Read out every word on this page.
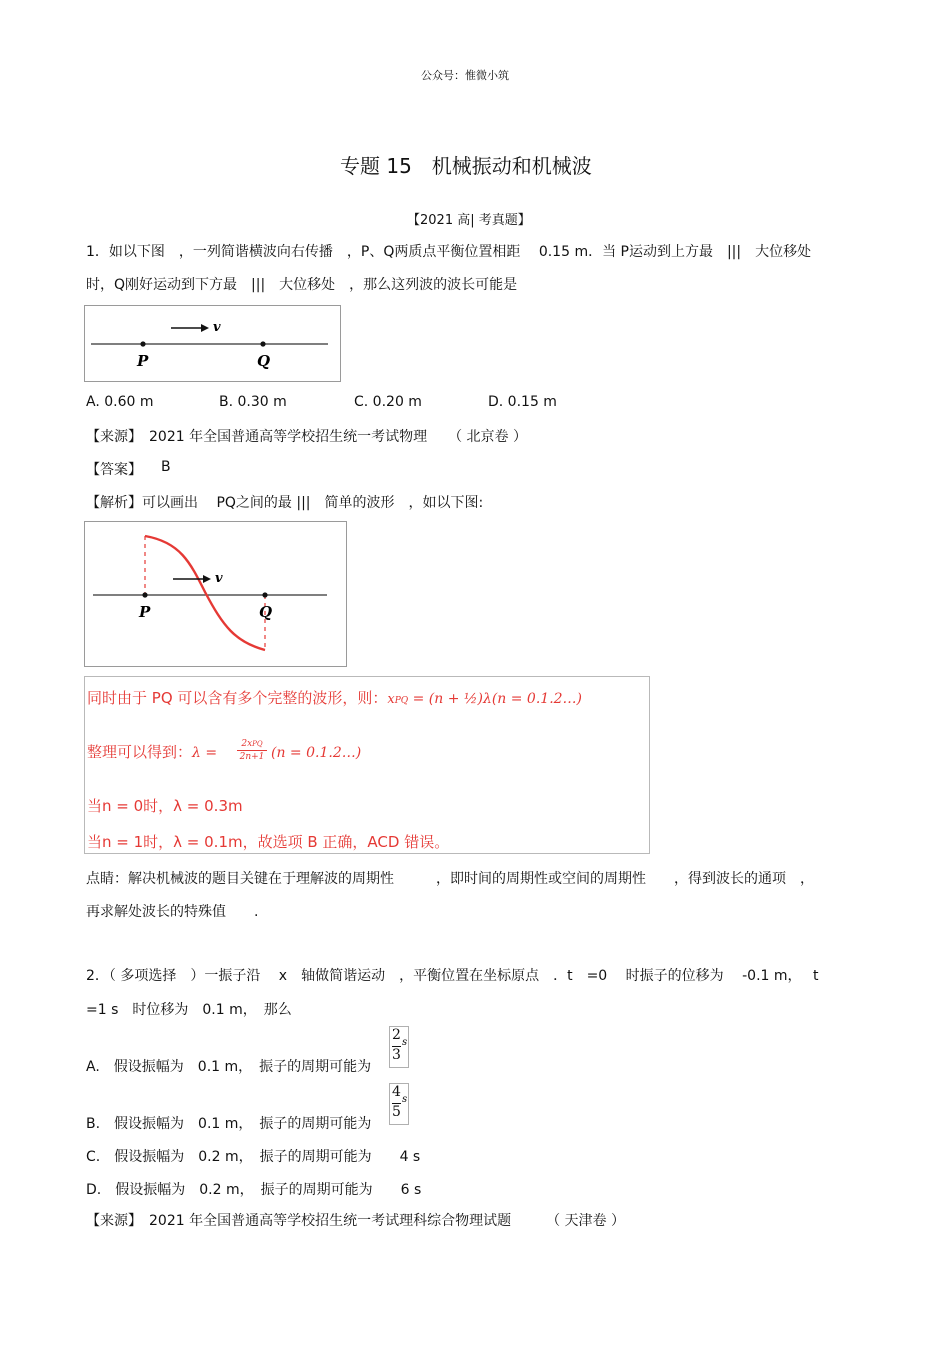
公众号：惟微小筑
专题 15　机械振动和机械波
【2021 高| 考真题】
1．如以下图　，一列简谐横波向右传播　，P、Q两质点平衡位置相距　 0.15 m．当 P运动到上方最　|||　大位移处
时，Q刚好运动到下方最　|||　大位移处　，那么这列波的波长可能是
v
P	Q
A. 0.60 m	B. 0.30 m	C. 0.20 m	D. 0.15 m
【来源】　2021 年全国普通高等学校招生统一考试物理　　（ 北京卷 ）
【答案】 B
【解析】可以画出　 PQ之间的最 |||　简单的波形　，如以下图:
v
P	Q
同时由于 PQ 可以含有多个完整的波形，则：xPQ = (n + ½)λ(n = 0.1.2…)
整理可以得到：λ =
2xPQ
2n+1 (n = 0.1.2…)
当n = 0时，λ = 0.3m
当n = 1时，λ = 0.1m，故选项 B 正确，ACD 错误。
点睛：解决机械波的题目关键在于理解波的周期性　　　，即时间的周期性或空间的周期性　　，得到波长的通项　，
再求解处波长的特殊值　　.
2．（ 多项选择　）一振子沿　 x　轴做简谐运动　，平衡位置在坐标原点　．t　=0　 时振子的位移为　 -0.1 m，　 t
=1 s　时位移为　0.1 m，　那么
A.　假设振幅为　0.1 m，　振子的周期可能为
2
3
s
B.　假设振幅为　0.1 m，　振子的周期可能为
4
5
s
C.　假设振幅为　0.2 m，　振子的周期可能为　　4 s
D.　假设振幅为　0.2 m，　振子的周期可能为　　6 s
【来源】　2021 年全国普通高等学校招生统一考试理科综合物理试题　　　（ 天津卷 ）
